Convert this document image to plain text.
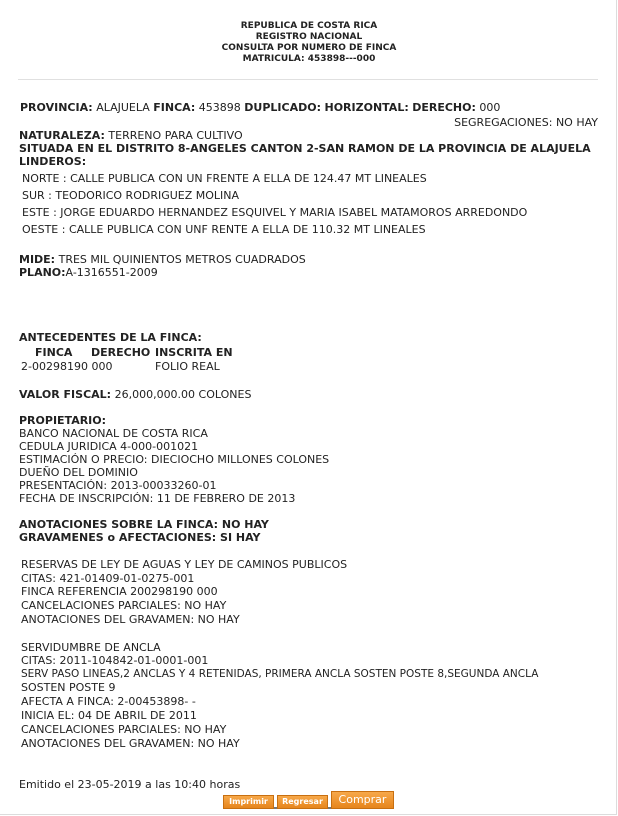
REPUBLICA DE COSTA RICA
REGISTRO NACIONAL
CONSULTA POR NUMERO DE FINCA
MATRICULA: 453898---000
PROVINCIA: ALAJUELA FINCA: 453898 DUPLICADO: HORIZONTAL: DERECHO: 000
SEGREGACIONES: NO HAY
NATURALEZA: TERRENO PARA CULTIVO
SITUADA EN EL DISTRITO 8-ANGELES CANTON 2-SAN RAMON DE LA PROVINCIA DE ALAJUELA
LINDEROS:
NORTE : CALLE PUBLICA CON UN FRENTE A ELLA DE 124.47 MT LINEALES
SUR : TEODORICO RODRIGUEZ MOLINA
ESTE : JORGE EDUARDO HERNANDEZ ESQUIVEL Y MARIA ISABEL MATAMOROS ARREDONDO
OESTE : CALLE PUBLICA CON UNF RENTE A ELLA DE 110.32 MT LINEALES
MIDE: TRES MIL QUINIENTOS METROS CUADRADOS
PLANO:A-1316551-2009
ANTECEDENTES DE LA FINCA:
FINCA DERECHO INSCRITA EN
2-00298190 000	FOLIO REAL
VALOR FISCAL: 26,000,000.00 COLONES
PROPIETARIO:
BANCO NACIONAL DE COSTA RICA
CEDULA JURIDICA 4-000-001021
ESTIMACIÓN O PRECIO: DIECIOCHO MILLONES COLONES
DUEÑO DEL DOMINIO
PRESENTACIÓN: 2013-00033260-01
FECHA DE INSCRIPCIÓN: 11 DE FEBRERO DE 2013
ANOTACIONES SOBRE LA FINCA: NO HAY
GRAVAMENES o AFECTACIONES: SI HAY
RESERVAS DE LEY DE AGUAS Y LEY DE CAMINOS PUBLICOS
CITAS: 421-01409-01-0275-001
FINCA REFERENCIA 200298190 000
CANCELACIONES PARCIALES: NO HAY
ANOTACIONES DEL GRAVAMEN: NO HAY
SERVIDUMBRE DE ANCLA
CITAS: 2011-104842-01-0001-001
SERV PASO LINEAS,2 ANCLAS Y 4 RETENIDAS, PRIMERA ANCLA SOSTEN POSTE 8,SEGUNDA ANCLA
SOSTEN POSTE 9
AFECTA A FINCA: 2-00453898- -
INICIA EL: 04 DE ABRIL DE 2011
CANCELACIONES PARCIALES: NO HAY
ANOTACIONES DEL GRAVAMEN: NO HAY
Emitido el 23-05-2019 a las 10:40 horas
Imprimir	Regresar	Comprar
